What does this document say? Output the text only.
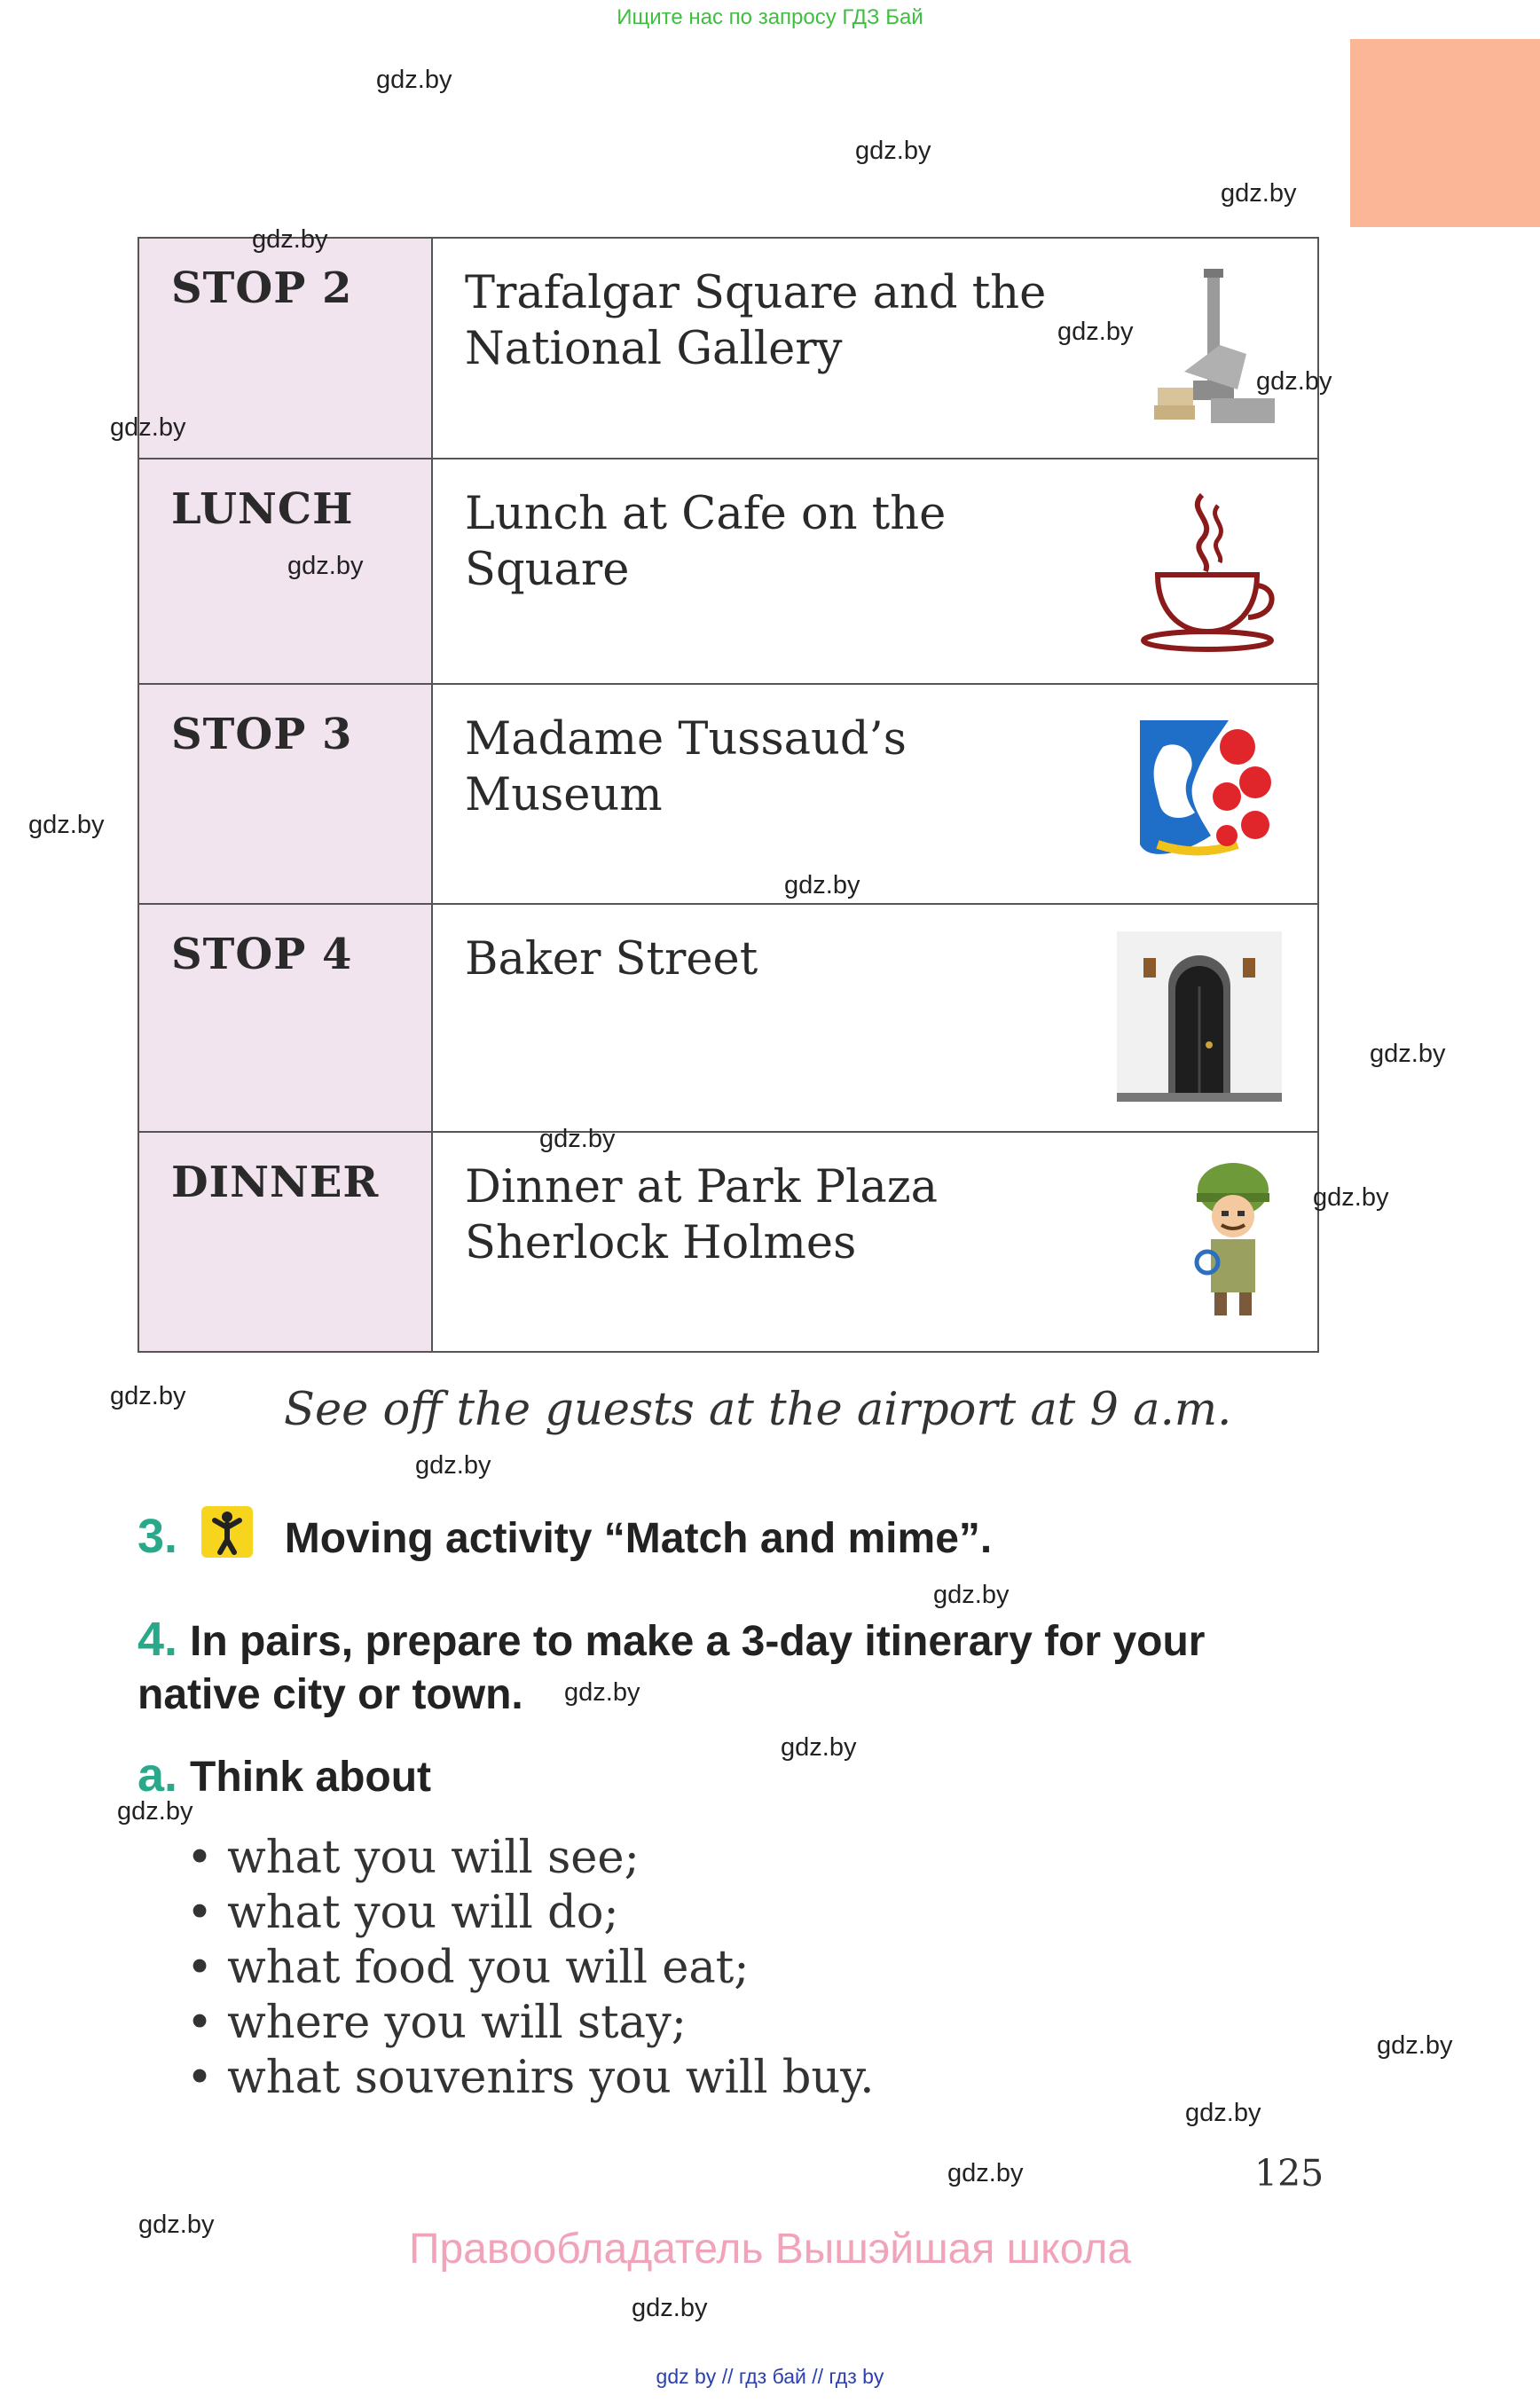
Ищите нас по запросу ГДЗ Бай
STOP 2	Trafalgar Square and the National Gallery

LUNCH	Lunch at Cafe on the Square

STOP 3	Madame Tussaud’s Museum

STOP 4	Baker Street

DINNER	Dinner at Park Plaza Sherlock Holmes
See off the guests at the airport at 9 a.m.
3.	Moving activity “Match and mime”.
4. In pairs, prepare to make a 3-day itinerary for your native city or town.
a. Think about
• what you will see;
• what you will do;
• what food you will eat;
• where you will stay;
• what souvenirs you will buy.
125
Правообладатель Вышэйшая школа
gdz by // гдз бай // гдз by
gdz.by
gdz.by
gdz.by
gdz.by
gdz.by
gdz.by
gdz.by
gdz.by
gdz.by
gdz.by
gdz.by
gdz.by
gdz.by
gdz.by
gdz.by
gdz.by
gdz.by
gdz.by
gdz.by
gdz.by
gdz.by
gdz.by
gdz.by
gdz.by
